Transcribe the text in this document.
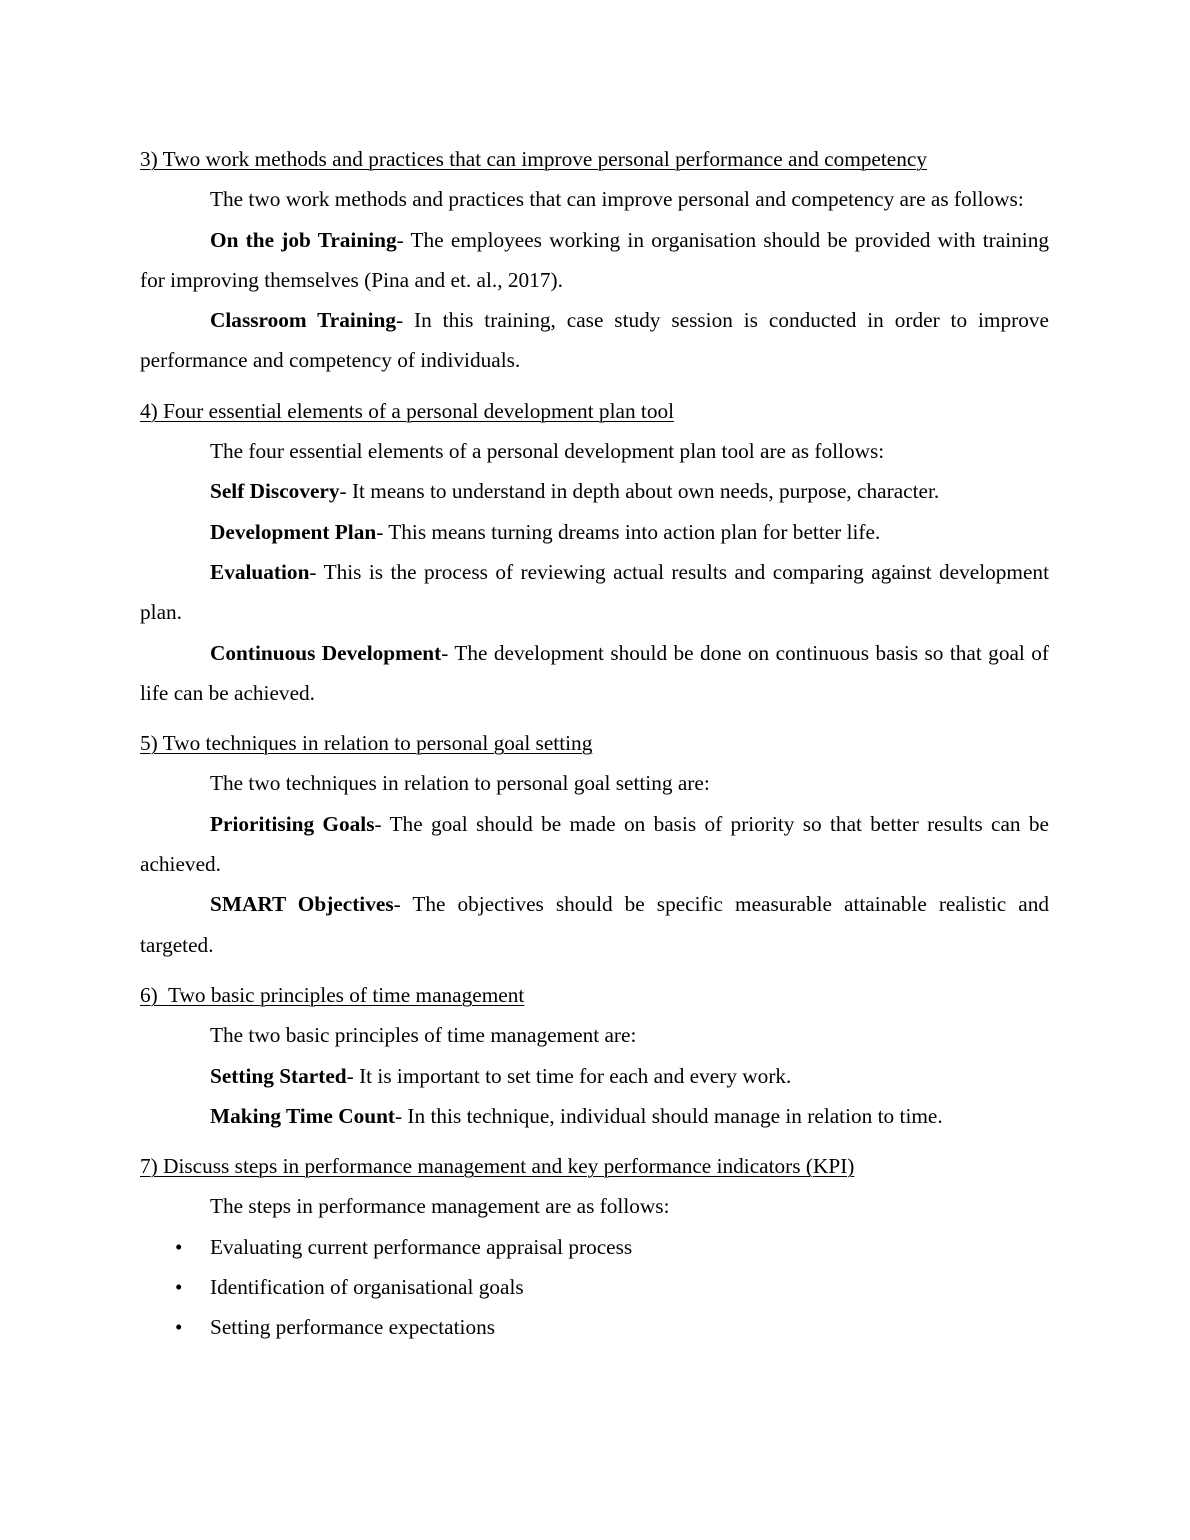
3) Two work methods and practices that can improve personal performance and competency

The two work methods and practices that can improve personal and competency are as follows:

On the job Training- The employees working in organisation should be provided with training for improving themselves (Pina and et. al., 2017).

Classroom Training- In this training, case study session is conducted in order to improve performance and competency of individuals.

4) Four essential elements of a personal development plan tool

The four essential elements of a personal development plan tool are as follows:

Self Discovery- It means to understand in depth about own needs, purpose, character.

Development Plan- This means turning dreams into action plan for better life.

Evaluation- This is the process of reviewing actual results and comparing against development plan.

Continuous Development- The development should be done on continuous basis so that goal of life can be achieved.

5) Two techniques in relation to personal goal setting

The two techniques in relation to personal goal setting are:

Prioritising Goals- The goal should be made on basis of priority so that better results can be achieved.

SMART Objectives- The objectives should be specific measurable attainable realistic and targeted.

6)  Two basic principles of time management

The two basic principles of time management are:

Setting Started- It is important to set time for each and every work.

Making Time Count- In this technique, individual should manage in relation to time.

7) Discuss steps in performance management and key performance indicators (KPI)

The steps in performance management are as follows:

• Evaluating current performance appraisal process
• Identification of organisational goals
• Setting performance expectations
